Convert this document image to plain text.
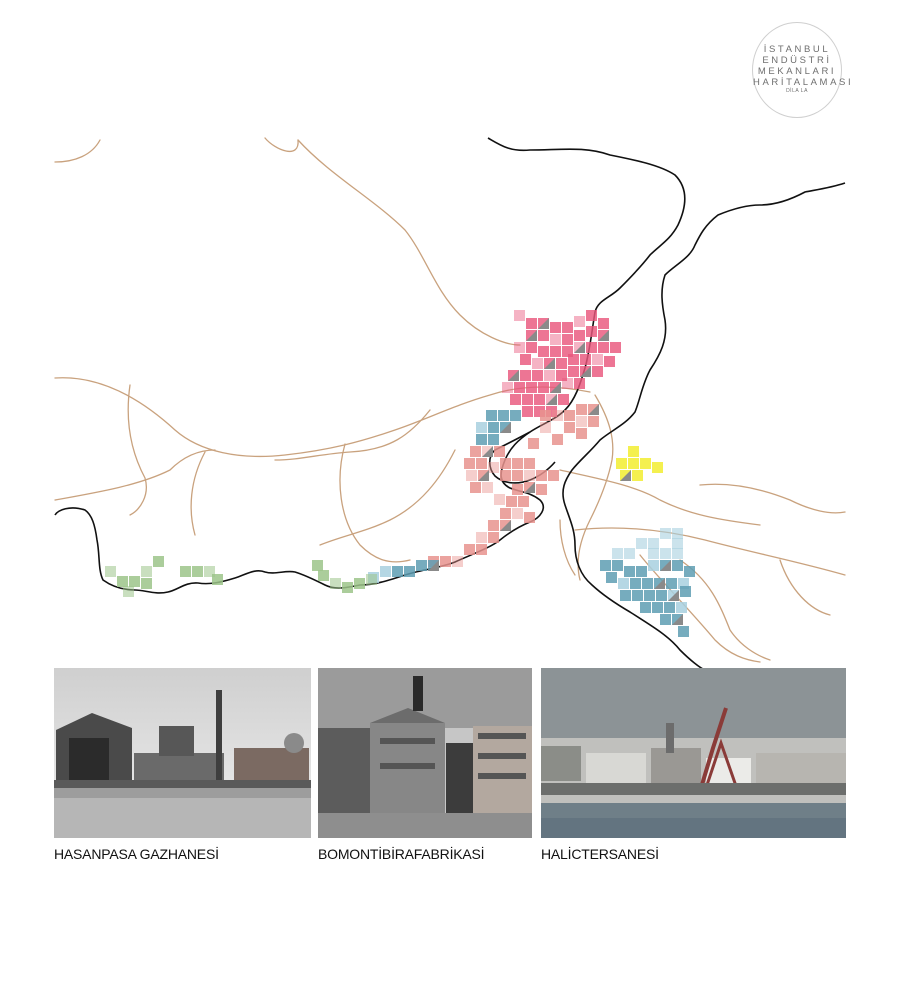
İSTANBUL
ENDÜSTRİ
MEKANLARI
HARİTALAMASI
DİLA LA
HASANPASA GAZHANESİ	BOMONTİBİRAFABRİKASİ	HALİCTERSANESİ
